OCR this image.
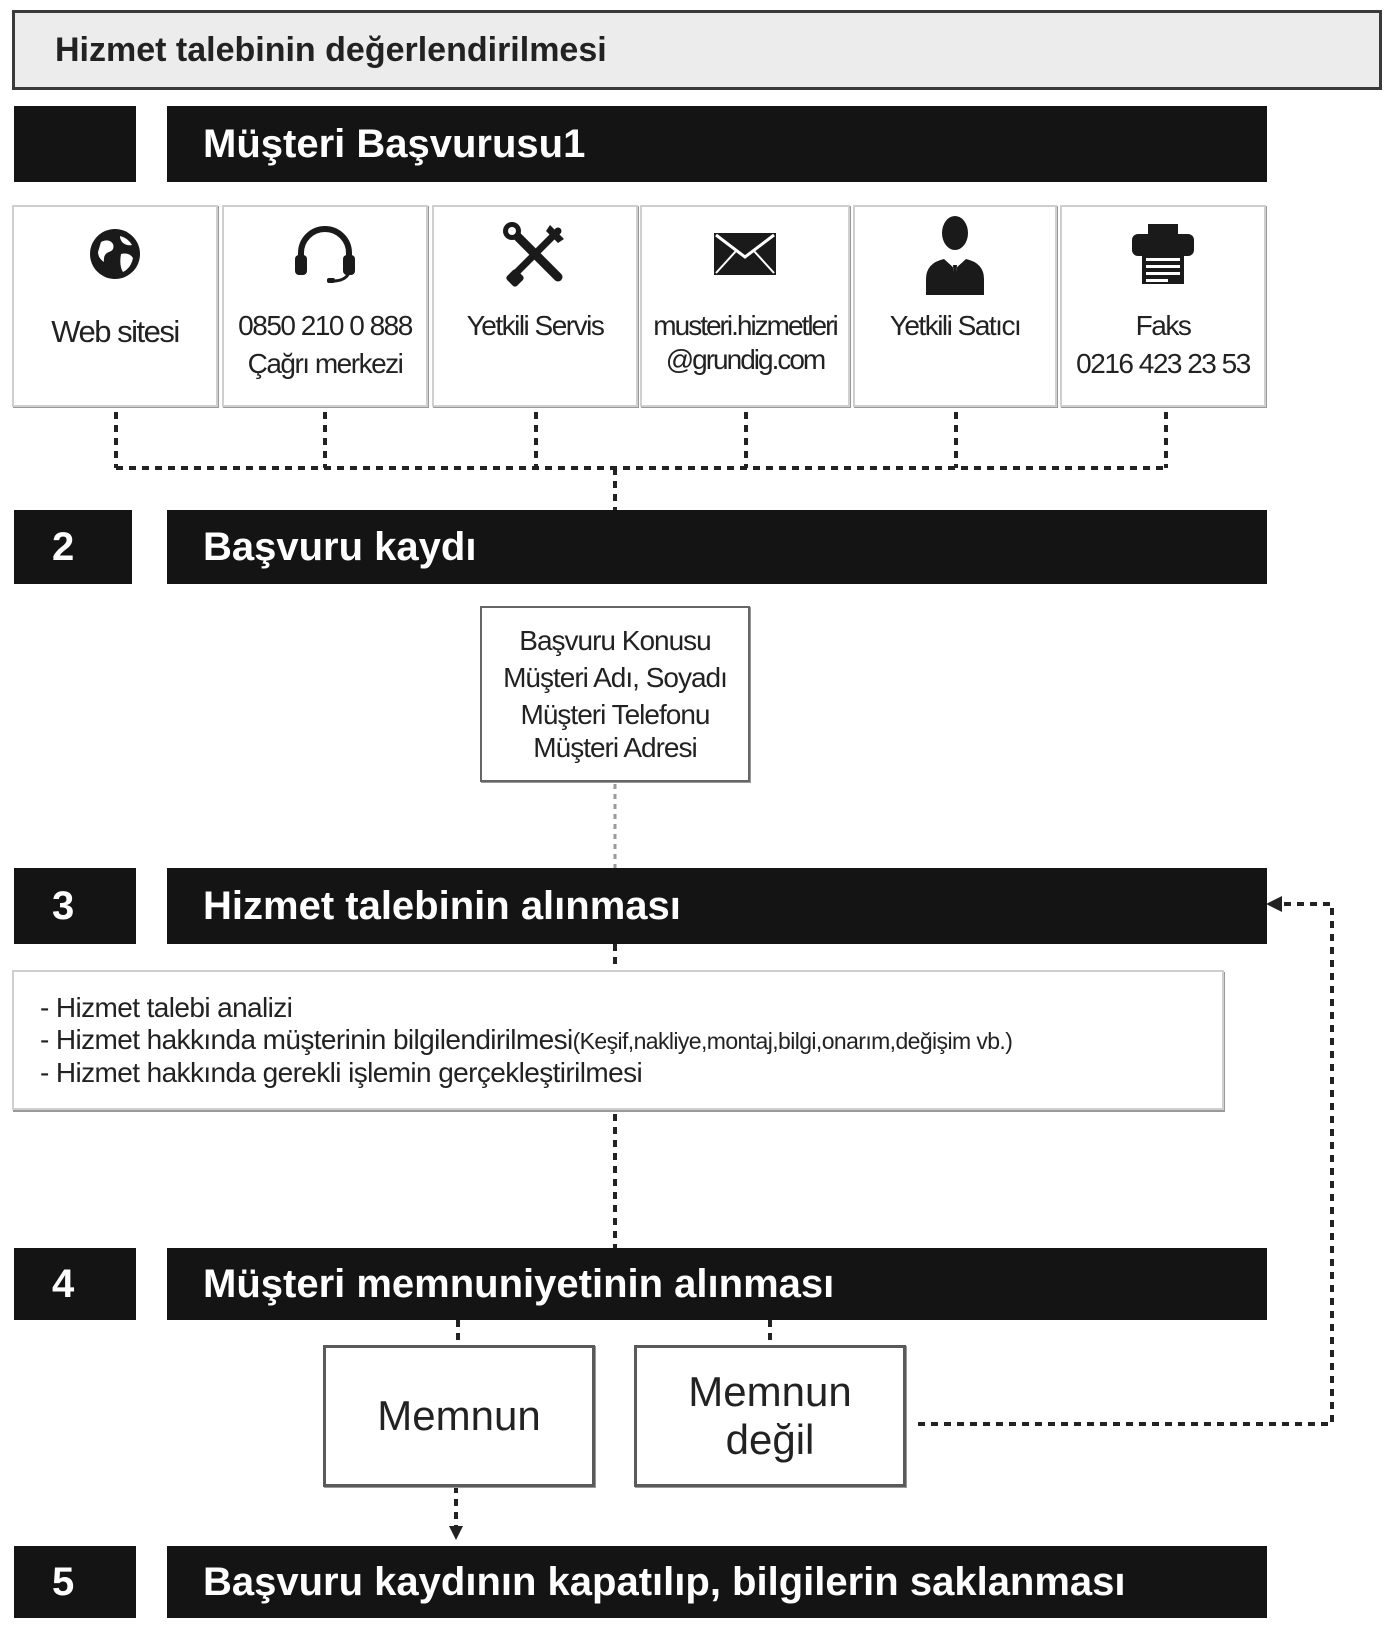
Hizmet talebinin değerlendirilmesi
Müşteri Başvurusu1
Web sitesi 0850 210 0 888
Çağrı merkezi
Yetkili Servis musteri.hizmetleri
@grundig.com
Yetkili Satıcı	Faks
0216 423 23 53
2	Başvuru kaydı
Başvuru Konusu
Müşteri Adı, Soyadı
Müşteri Telefonu
Müşteri Adresi
3	Hizmet talebinin alınması
- Hizmet talebi analizi
- Hizmet hakkında müşterinin bilgilendirilmesi(Keşif,nakliye,montaj,bilgi,onarım,değişim vb.)
- Hizmet hakkında gerekli işlemin gerçekleştirilmesi
4	Müşteri memnuniyetinin alınması
Memnun
Memnun
değil
5	Başvuru kaydının kapatılıp, bilgilerin saklanması
